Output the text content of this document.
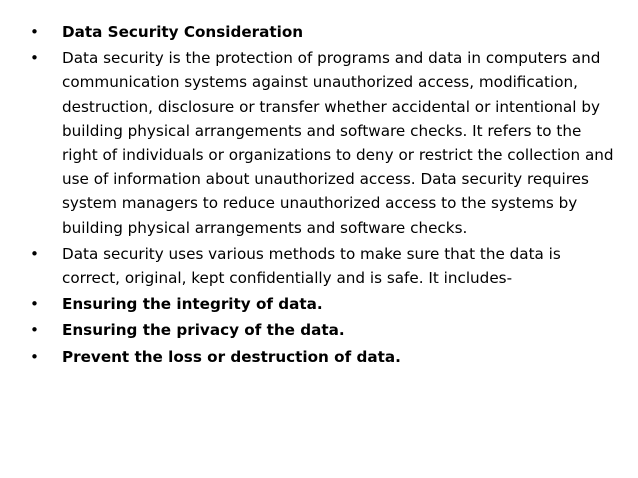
•	Data Security Consideration
•	Data security is the protection of programs and data in computers and communication systems against unauthorized access, modification, destruction, disclosure or transfer whether accidental or intentional by building physical arrangements and software checks. It refers to the right of individuals or organizations to deny or restrict the collection and use of information about unauthorized access. Data security requires system managers to reduce unauthorized access to the systems by building physical arrangements and software checks.
•	Data security uses various methods to make sure that the data is correct, original, kept confidentially and is safe. It includes-
•	Ensuring the integrity of data.
•	Ensuring the privacy of the data.
•	Prevent the loss or destruction of data.
